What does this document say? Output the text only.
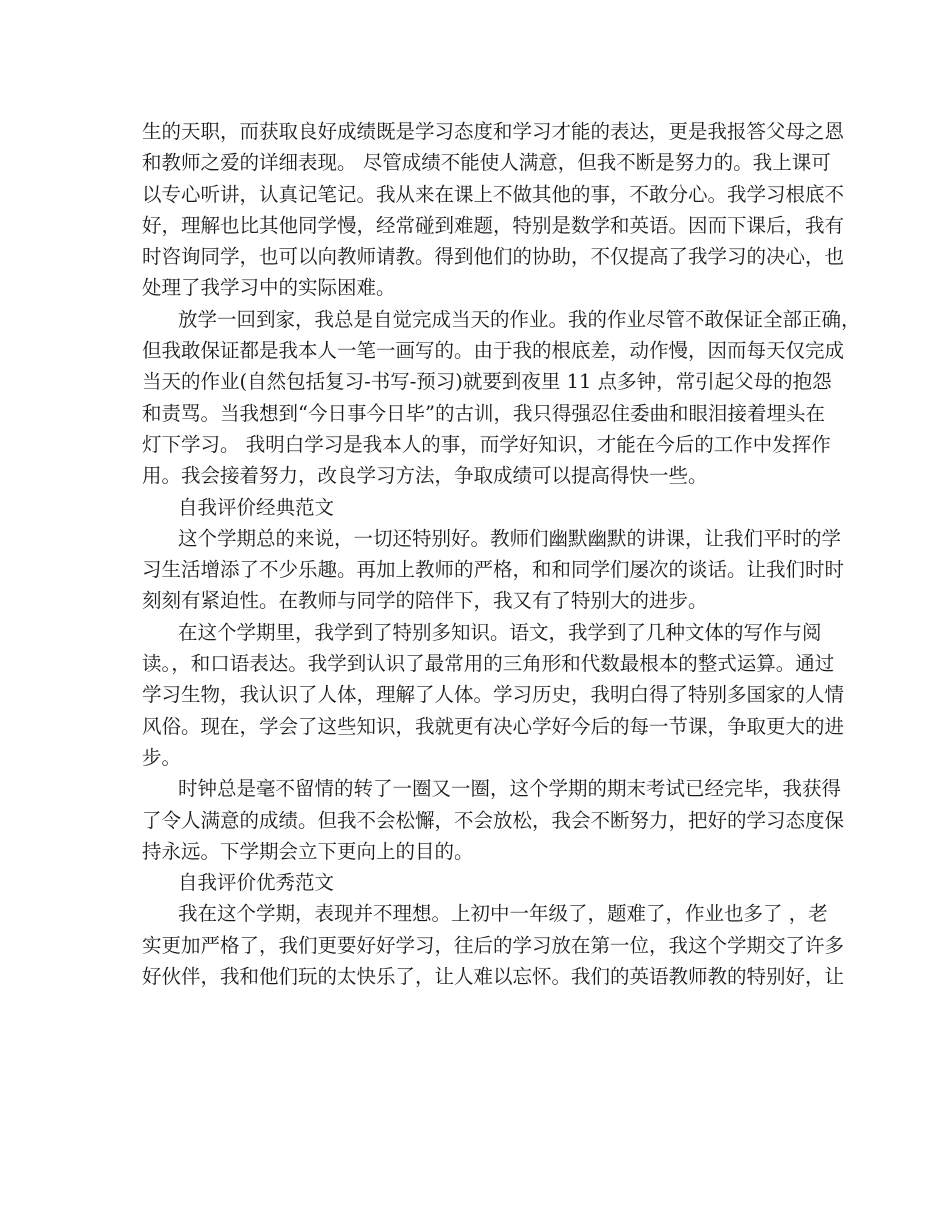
生的天职，而获取良好成绩既是学习态度和学习才能的表达，更是我报答父母之恩
和教师之爱的详细表现。 尽管成绩不能使人满意，但我不断是努力的。我上课可
以专心听讲，认真记笔记。我从来在课上不做其他的事，不敢分心。我学习根底不
好，理解也比其他同学慢，经常碰到难题，特别是数学和英语。因而下课后，我有
时咨询同学，也可以向教师请教。得到他们的协助，不仅提高了我学习的决心，也
处理了我学习中的实际困难。
放学一回到家，我总是自觉完成当天的作业。我的作业尽管不敢保证全部正确，
但我敢保证都是我本人一笔一画写的。由于我的根底差，动作慢，因而每天仅完成
当天的作业(自然包括复习-书写-预习)就要到夜里 11 点多钟，常引起父母的抱怨
和责骂。当我想到“今日事今日毕”的古训，我只得强忍住委曲和眼泪接着埋头在
灯下学习。 我明白学习是我本人的事，而学好知识，才能在今后的工作中发挥作
用。我会接着努力，改良学习方法，争取成绩可以提高得快一些。
自我评价经典范文
这个学期总的来说，一切还特别好。教师们幽默幽默的讲课，让我们平时的学
习生活增添了不少乐趣。再加上教师的严格，和和同学们屡次的谈话。让我们时时
刻刻有紧迫性。在教师与同学的陪伴下，我又有了特别大的进步。
在这个学期里，我学到了特别多知识。语文，我学到了几种文体的写作与阅
读。，和口语表达。我学到认识了最常用的三角形和代数最根本的整式运算。通过
学习生物，我认识了人体，理解了人体。学习历史，我明白得了特别多国家的人情
风俗。现在，学会了这些知识，我就更有决心学好今后的每一节课，争取更大的进
步。
时钟总是毫不留情的转了一圈又一圈，这个学期的期末考试已经完毕，我获得
了令人满意的成绩。但我不会松懈，不会放松，我会不断努力，把好的学习态度保
持永远。下学期会立下更向上的目的。
自我评价优秀范文
我在这个学期，表现并不理想。上初中一年级了，题难了，作业也多了 ，老
实更加严格了，我们更要好好学习，往后的学习放在第一位，我这个学期交了许多
好伙伴，我和他们玩的太快乐了，让人难以忘怀。我们的英语教师教的特别好，让
